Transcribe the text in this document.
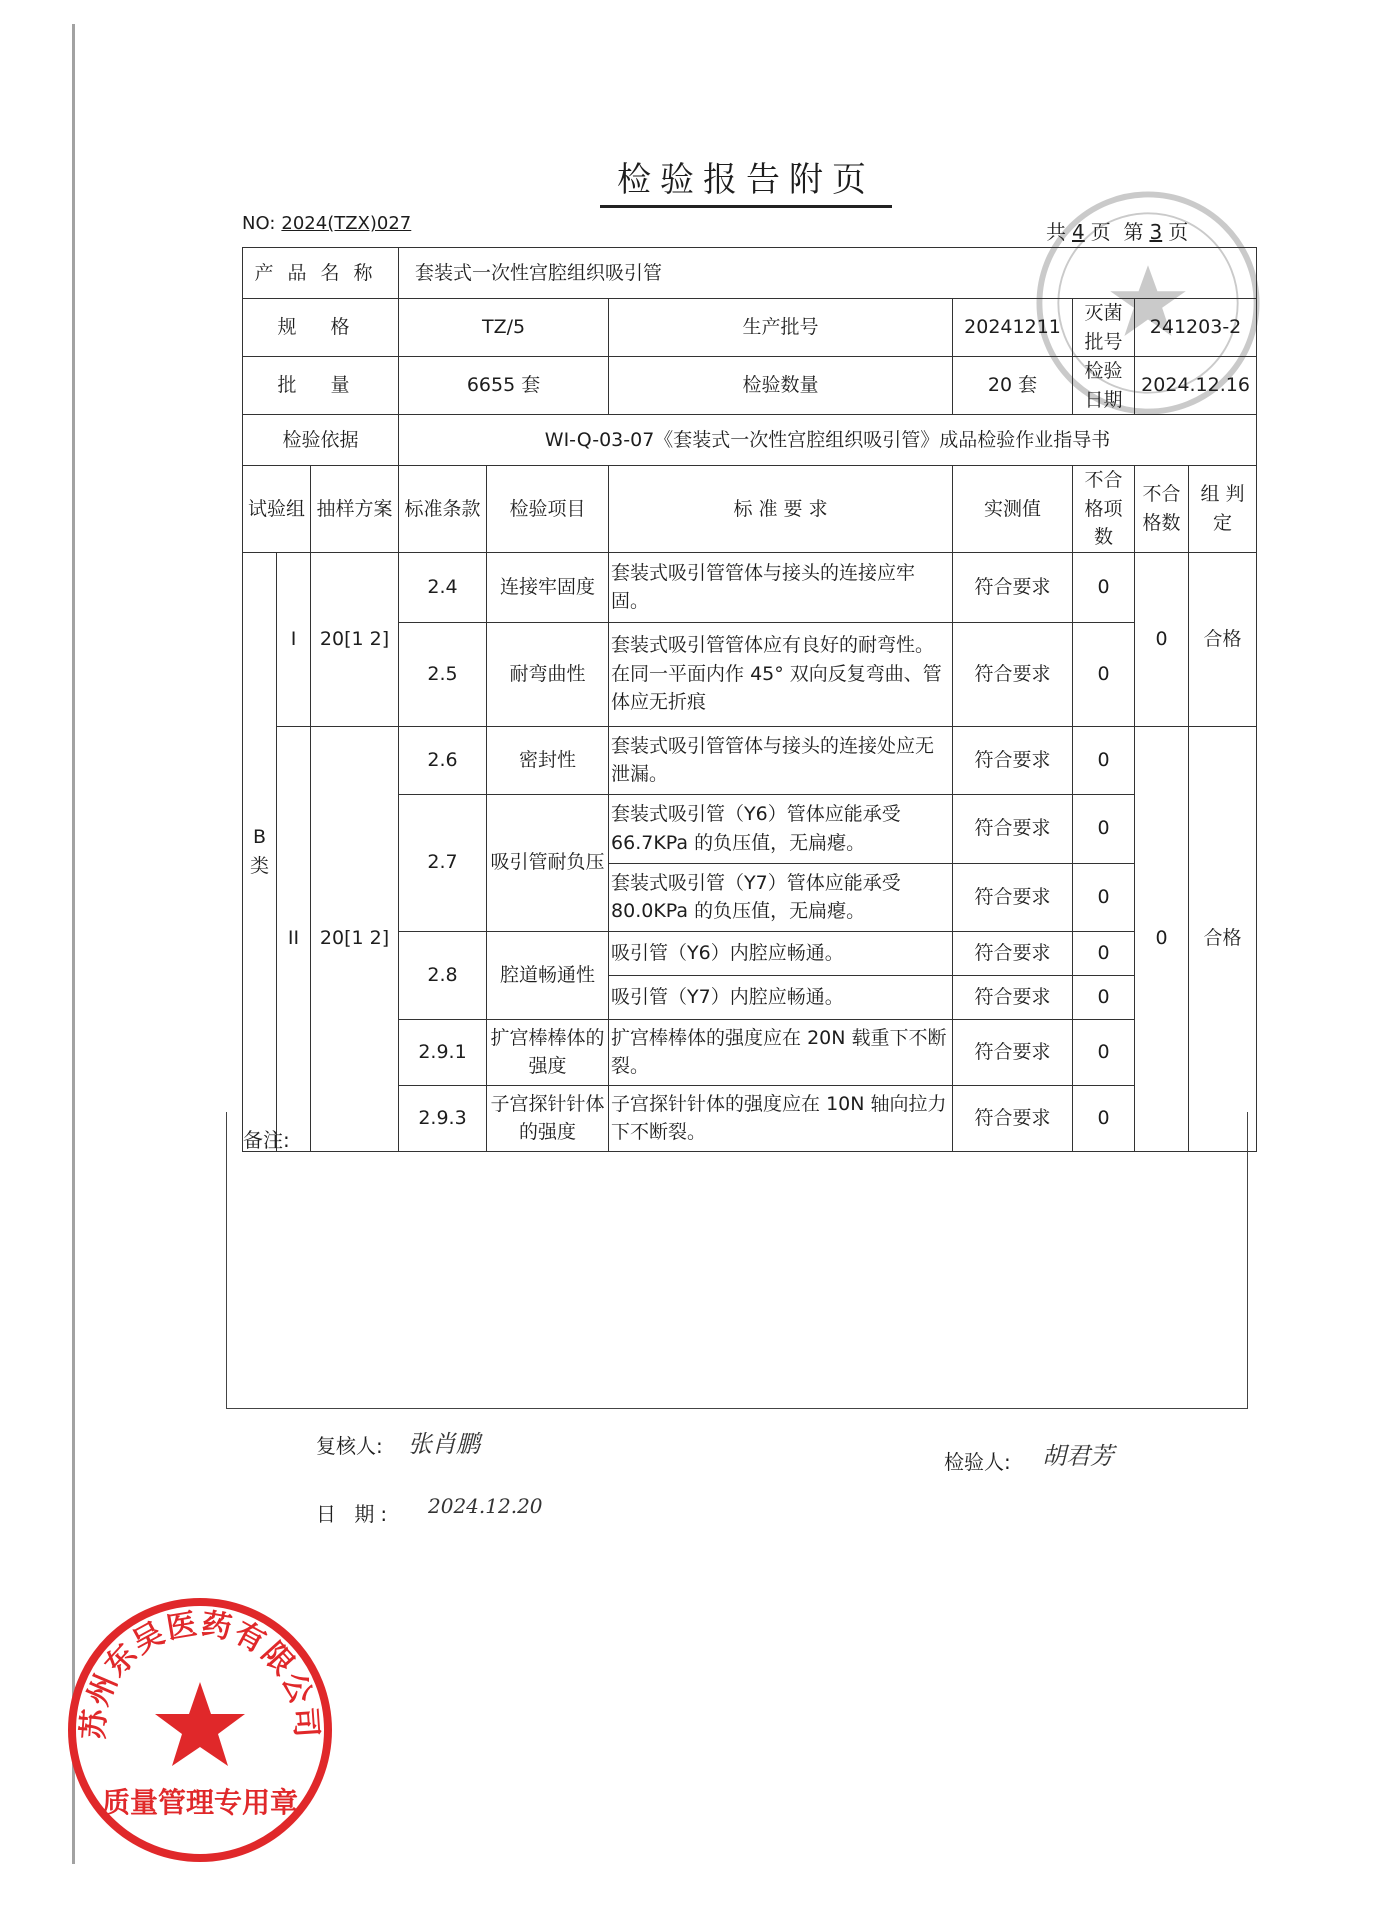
检验报告附页
NO: 2024(TZX)027	共 4 页 第 3 页
产品名称			套装式一次性宫腔组织吸引管						
规 格			TZ/5		生产批号	20241211	灭菌批号	241203-2	
批 量			6655 套		检验数量	20 套	检验日期	2024.12.16	
检验依据			WI-Q-03-07《套装式一次性宫腔组织吸引管》成品检验作业指导书						
试验组		抽样方案	标准条款	检验项目	标 准 要 求	实测值	不合格项 数	不合格数	组 判定
B 类	I	20[1 2]	2.4	连接牢固度	套装式吸引管管体与接头的连接应牢固。	符合要求	0	0	合格
			2.5	耐弯曲性	套装式吸引管管体应有良好的耐弯性。在同一平面内作 45° 双向反复弯曲、管体应无折痕	符合要求	0		
	II	20[1 2]	2.6	密封性	套装式吸引管管体与接头的连接处应无泄漏。	符合要求	0	0	合格
			2.7	吸引管耐负压	套装式吸引管（Y6）管体应能承受66.7KPa 的负压值，无扁瘪。	符合要求	0		
					套装式吸引管（Y7）管体应能承受80.0KPa 的负压值，无扁瘪。	符合要求	0		
			2.8	腔道畅通性	吸引管（Y6）内腔应畅通。	符合要求	0		
					吸引管（Y7）内腔应畅通。	符合要求	0		
			2.9.1	扩宫棒棒体的强度	扩宫棒棒体的强度应在 20N 载重下不断裂。	符合要求	0		
			2.9.3	子宫探针针体的强度	子宫探针针体的强度应在 10N 轴向拉力下不断裂。	符合要求	0		
备注:
复核人: 张肖鹏
检验人: 胡君芳
日 期: 2024.12.20
苏州东吴医药有限公司
质量管理专用章
